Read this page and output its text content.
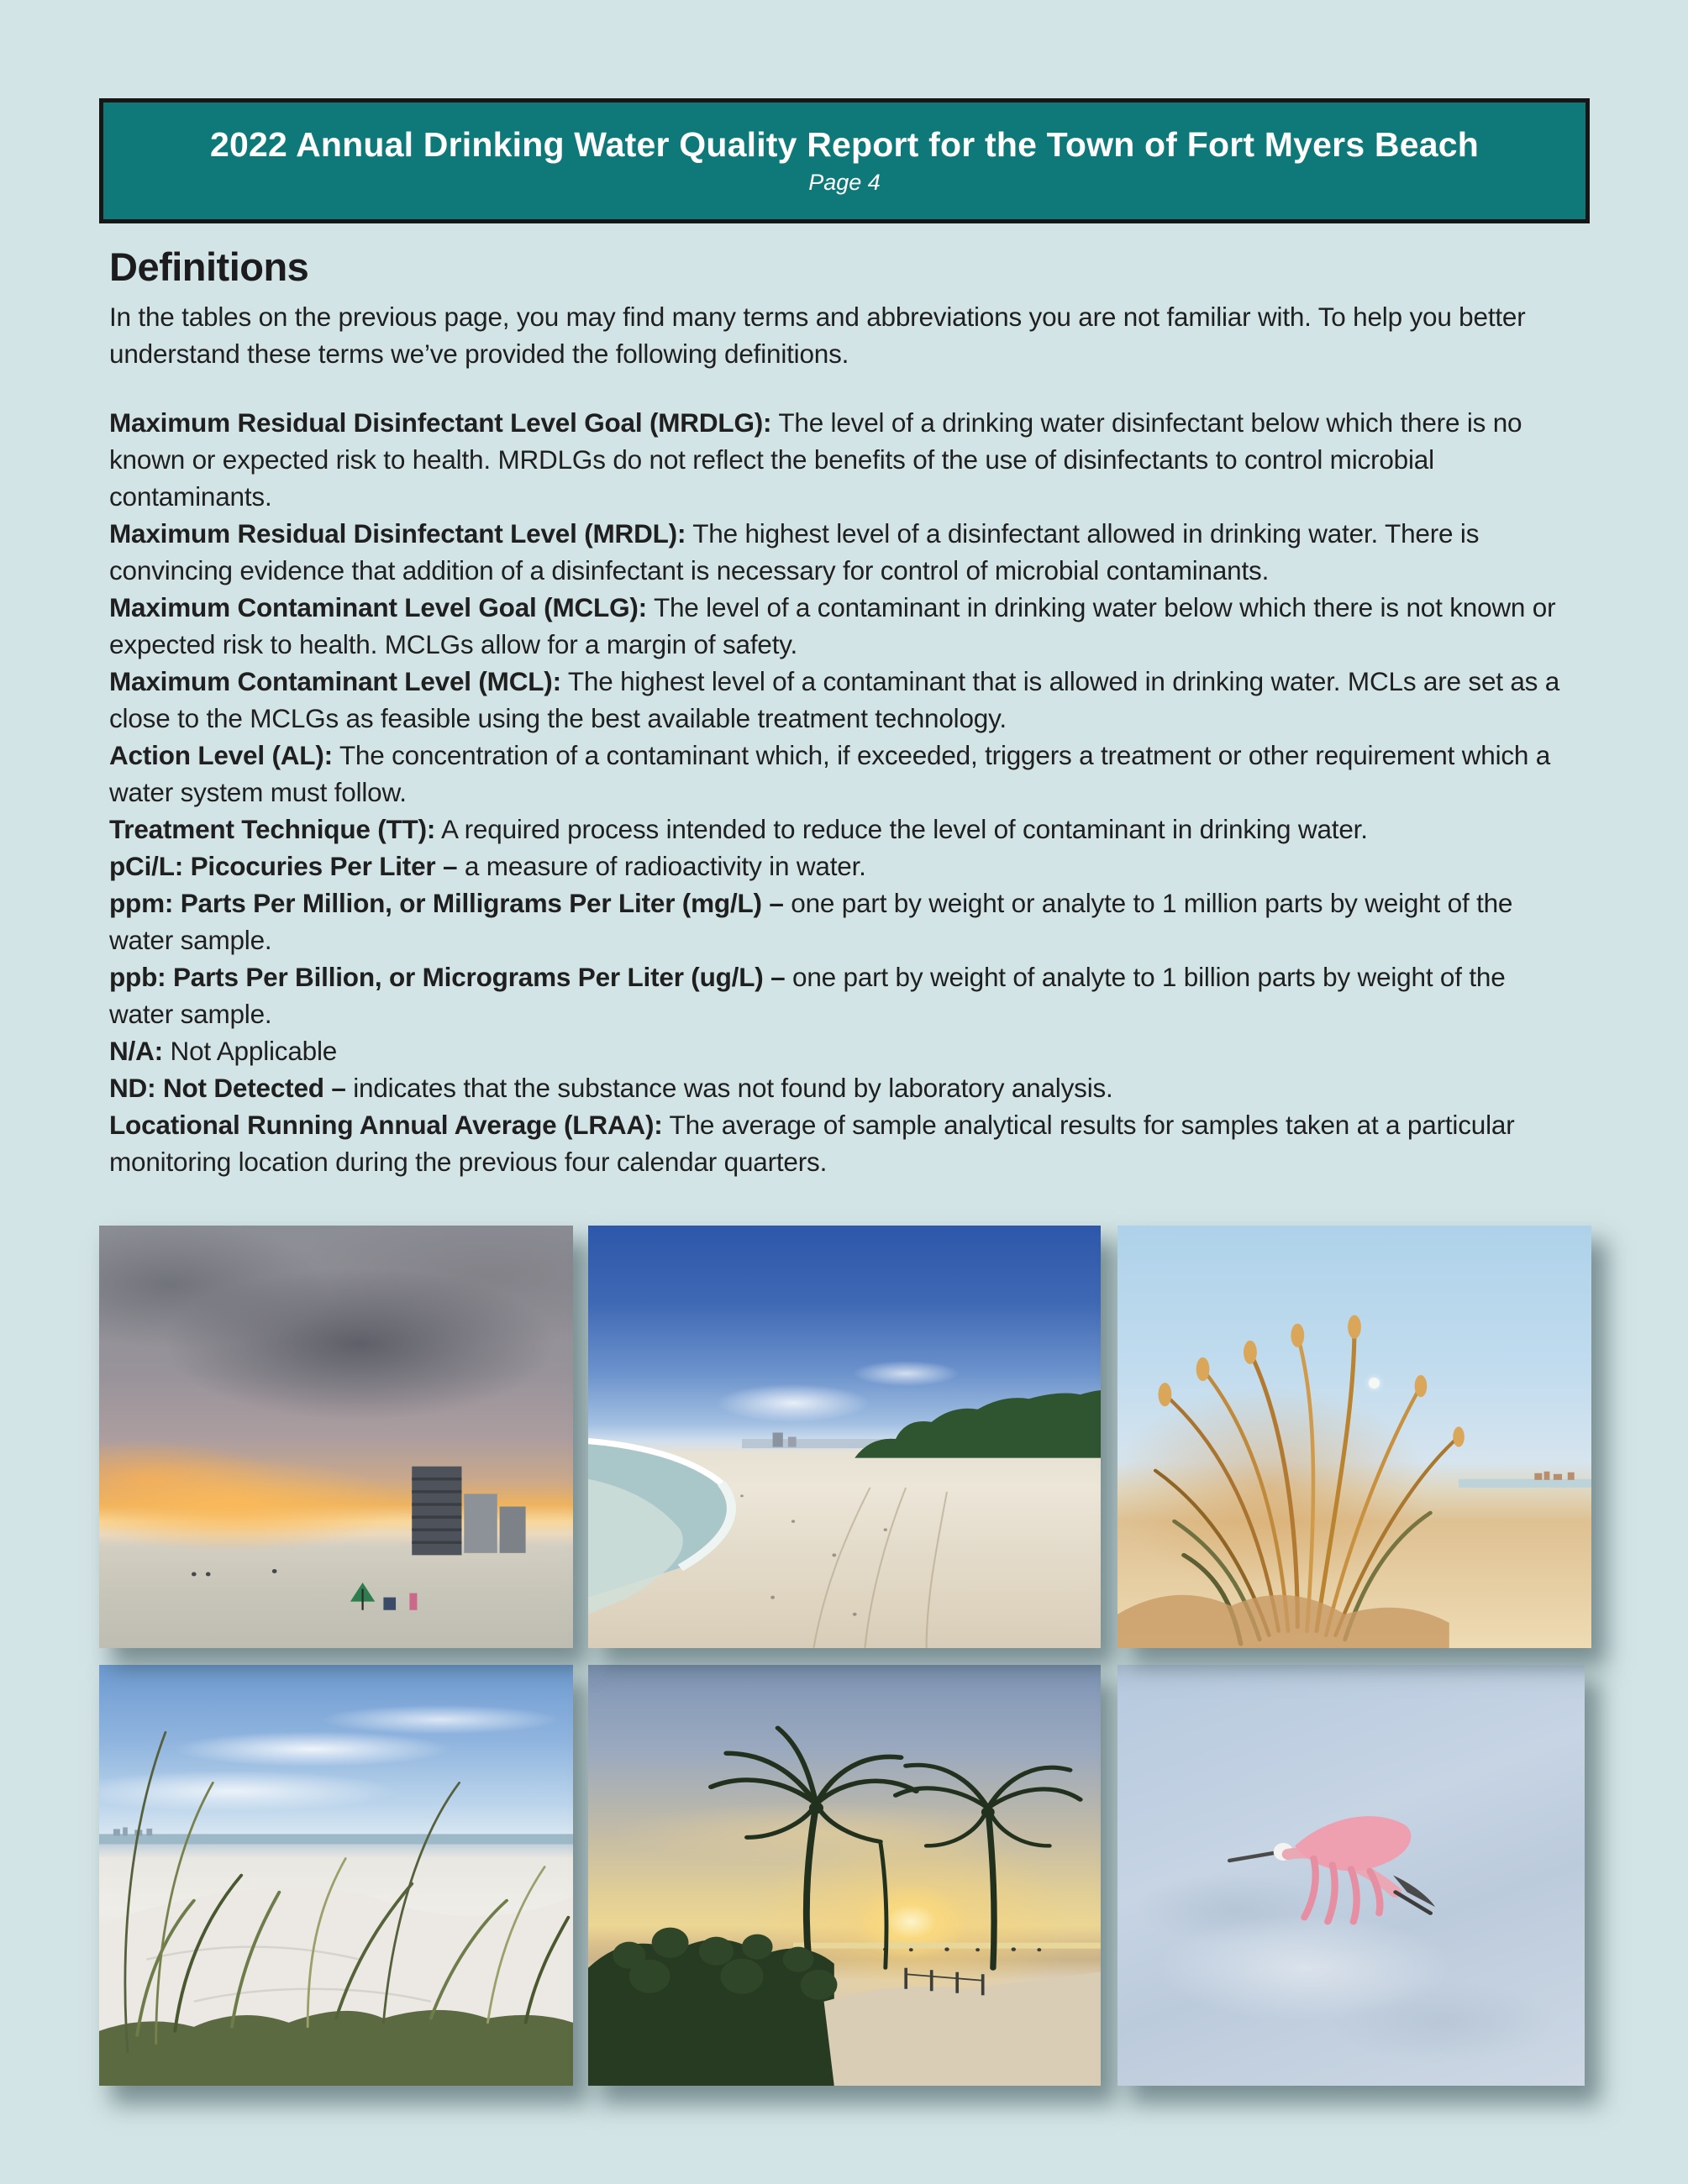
2022 Annual Drinking Water Quality Report for the Town of Fort Myers Beach
Page 4
Definitions

In the tables on the previous page, you may find many terms and abbreviations you are not familiar with. To help you better understand these terms we’ve provided the following definitions.

Maximum Residual Disinfectant Level Goal (MRDLG): The level of a drinking water disinfectant below which there is no known or expected risk to health. MRDLGs do not reflect the benefits of the use of disinfectants to control microbial contaminants.

Maximum Residual Disinfectant Level (MRDL): The highest level of a disinfectant allowed in drinking water. There is convincing evidence that addition of a disinfectant is necessary for control of microbial contaminants.

Maximum Contaminant Level Goal (MCLG): The level of a contaminant in drinking water below which there is not known or expected risk to health. MCLGs allow for a margin of safety.

Maximum Contaminant Level (MCL): The highest level of a contaminant that is allowed in drinking water. MCLs are set as a close to the MCLGs as feasible using the best available treatment technology.

Action Level (AL): The concentration of a contaminant which, if exceeded, triggers a treatment or other requirement which a water system must follow.

Treatment Technique (TT): A required process intended to reduce the level of contaminant in drinking water.

pCi/L: Picocuries Per Liter – a measure of radioactivity in water.

ppm: Parts Per Million, or Milligrams Per Liter (mg/L) – one part by weight or analyte to 1 million parts by weight of the water sample.

ppb: Parts Per Billion, or Micrograms Per Liter (ug/L) – one part by weight of analyte to 1 billion parts by weight of the water sample.

N/A: Not Applicable

ND: Not Detected – indicates that the substance was not found by laboratory analysis.

Locational Running Annual Average (LRAA): The average of sample analytical results for samples taken at a particular monitoring location during the previous four calendar quarters.
